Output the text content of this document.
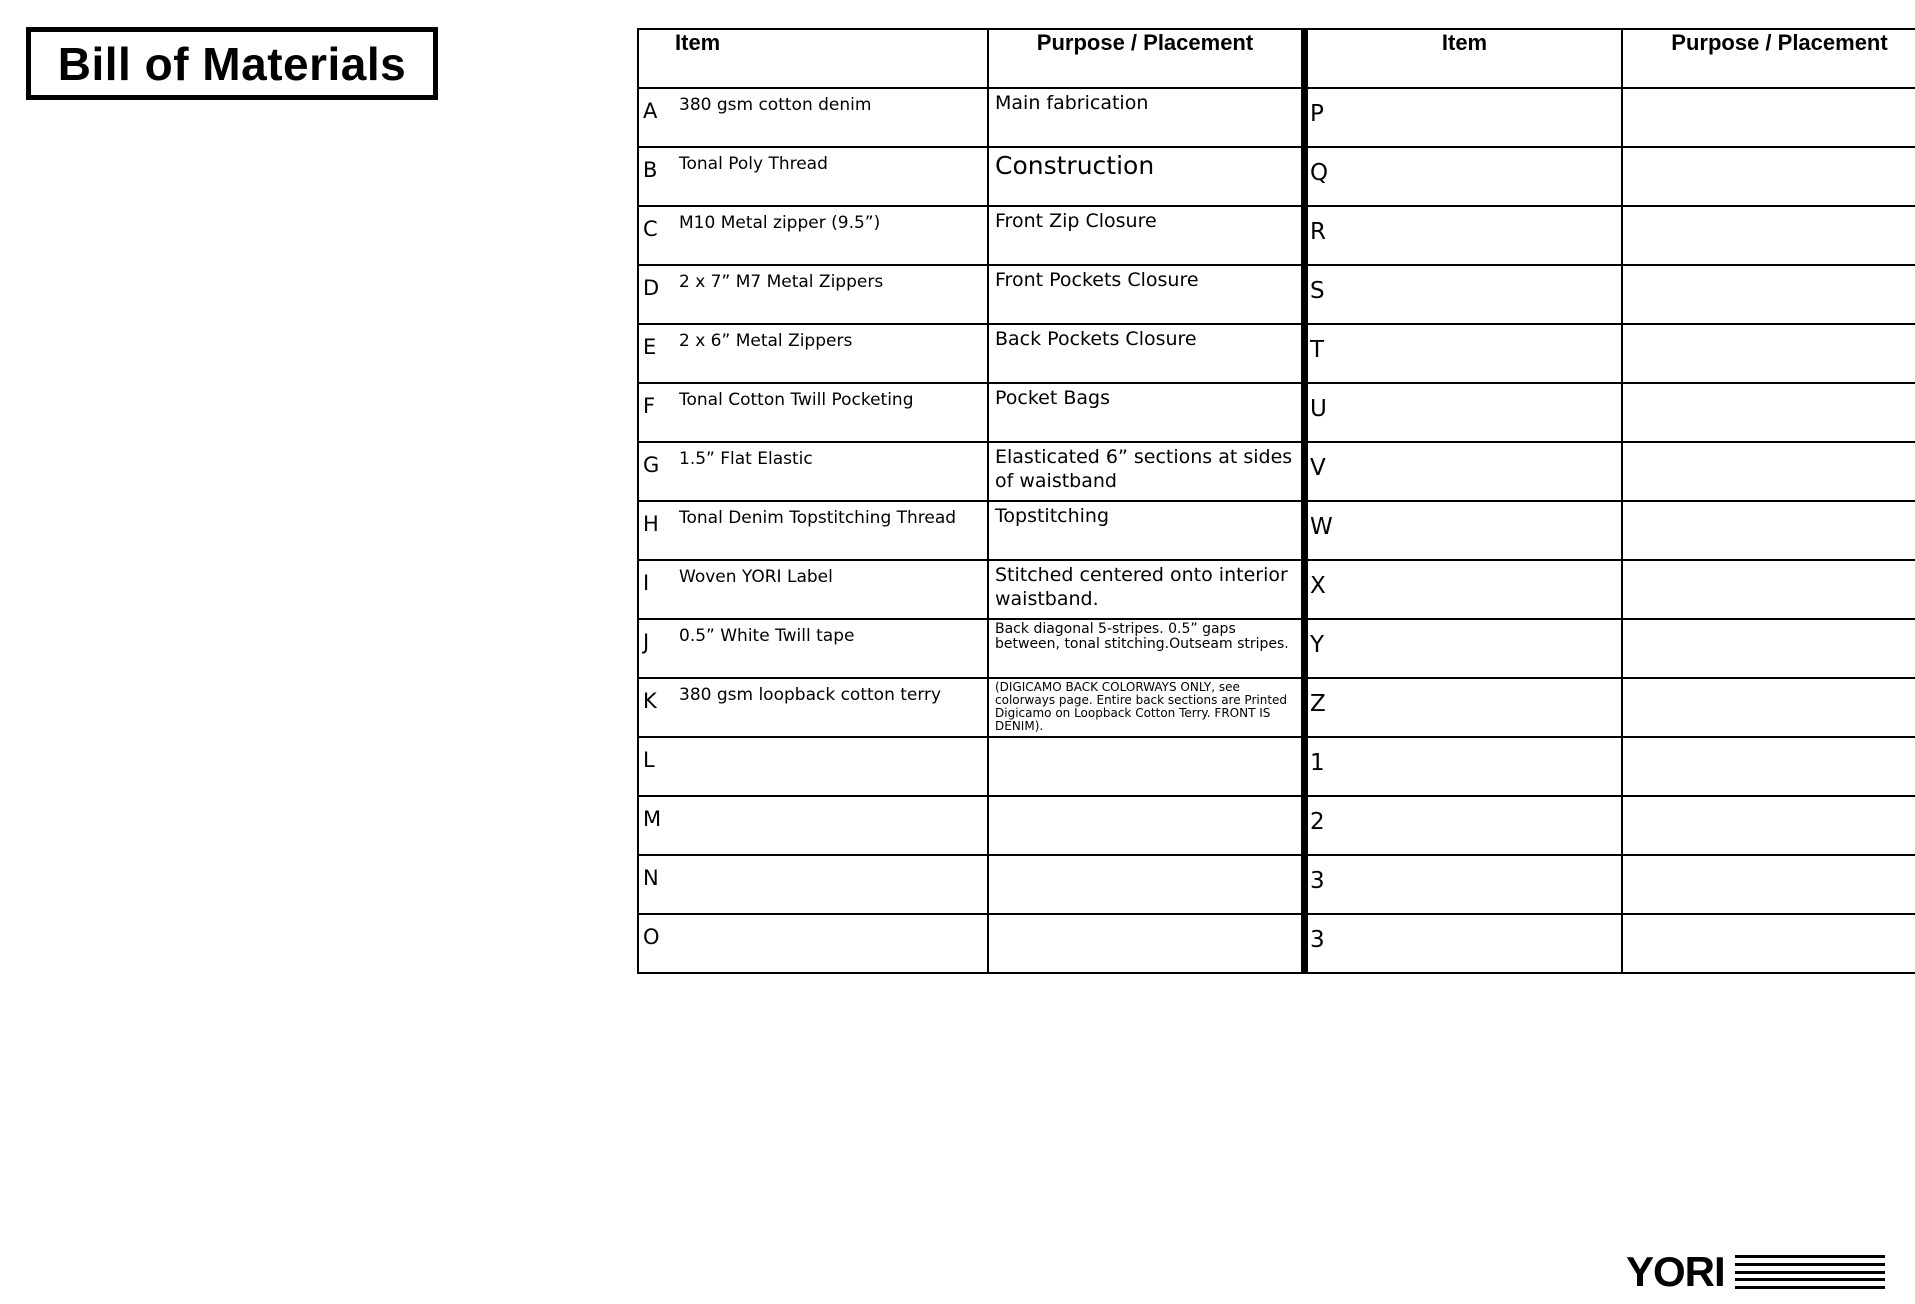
Bill of Materials	Item	Purpose / Placement	Item	Purpose / Placement

A 380 gsm cotton denim	Main fabrication	P	

B Tonal Poly Thread	Construction	Q	

C M10 Metal zipper (9.5”)	Front Zip Closure	R	

D 2 x 7” M7 Metal Zippers	Front Pockets Closure	S	

E 2 x 6” Metal Zippers	Back Pockets Closure	T	

F Tonal Cotton Twill Pocketing	Pocket Bags	U	

G 1.5” Flat Elastic	Elasticated 6” sections at sides of waistband	V	

H Tonal Denim Topstitching Thread	Topstitching	W	

I Woven YORI Label	Stitched centered onto interior waistband.	X	

J 0.5” White Twill tape	Back diagonal 5-stripes. 0.5” gaps between, tonal stitching.Outseam stripes.	Y	

K 380 gsm loopback cotton terry	(DIGICAMO BACK COLORWAYS ONLY, see colorways page. Entire back sections are Printed Digicamo on Loopback Cotton Terry. FRONT IS DENIM).	Z	

L		1	

M		2	

N		3	

O		3	

YORI
